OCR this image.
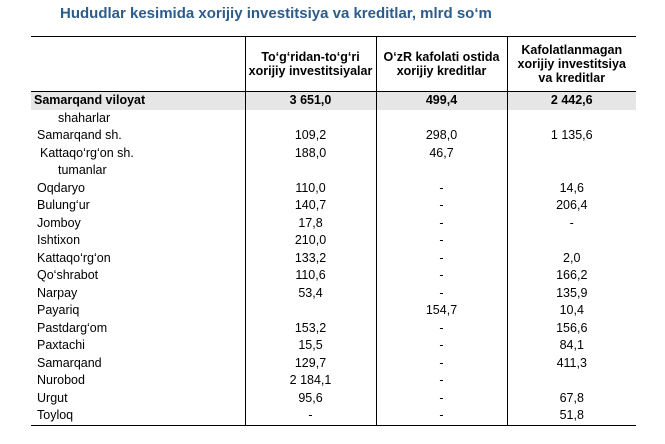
Hududlar kesimida xorijiy investitsiya va kreditlar, mlrd so‘m
	To‘g‘ridan-to‘g‘ri xorijiy investitsiyalar	O‘zR kafolati ostida xorijiy kreditlar	Kafolatlanmagan xorijiy investitsiya va kreditlar
Samarqand viloyat	3 651,0	499,4	2 442,6
shaharlar			
Samarqand sh.	109,2	298,0	1 135,6
Kattaqo‘rg‘on sh.	188,0	46,7	
tumanlar			
Oqdaryo	110,0	-	14,6
Bulung‘ur	140,7	-	206,4
Jomboy	17,8	-	-
Ishtixon	210,0	-	
Kattaqo‘rg‘on	133,2	-	2,0
Qo‘shrabot	110,6	-	166,2
Narpay	53,4	-	135,9
Payariq		154,7	10,4
Pastdarg‘om	153,2	-	156,6
Paxtachi	15,5	-	84,1
Samarqand	129,7	-	411,3
Nurobod	2 184,1	-	
Urgut	95,6	-	67,8
Toyloq	-	-	51,8
